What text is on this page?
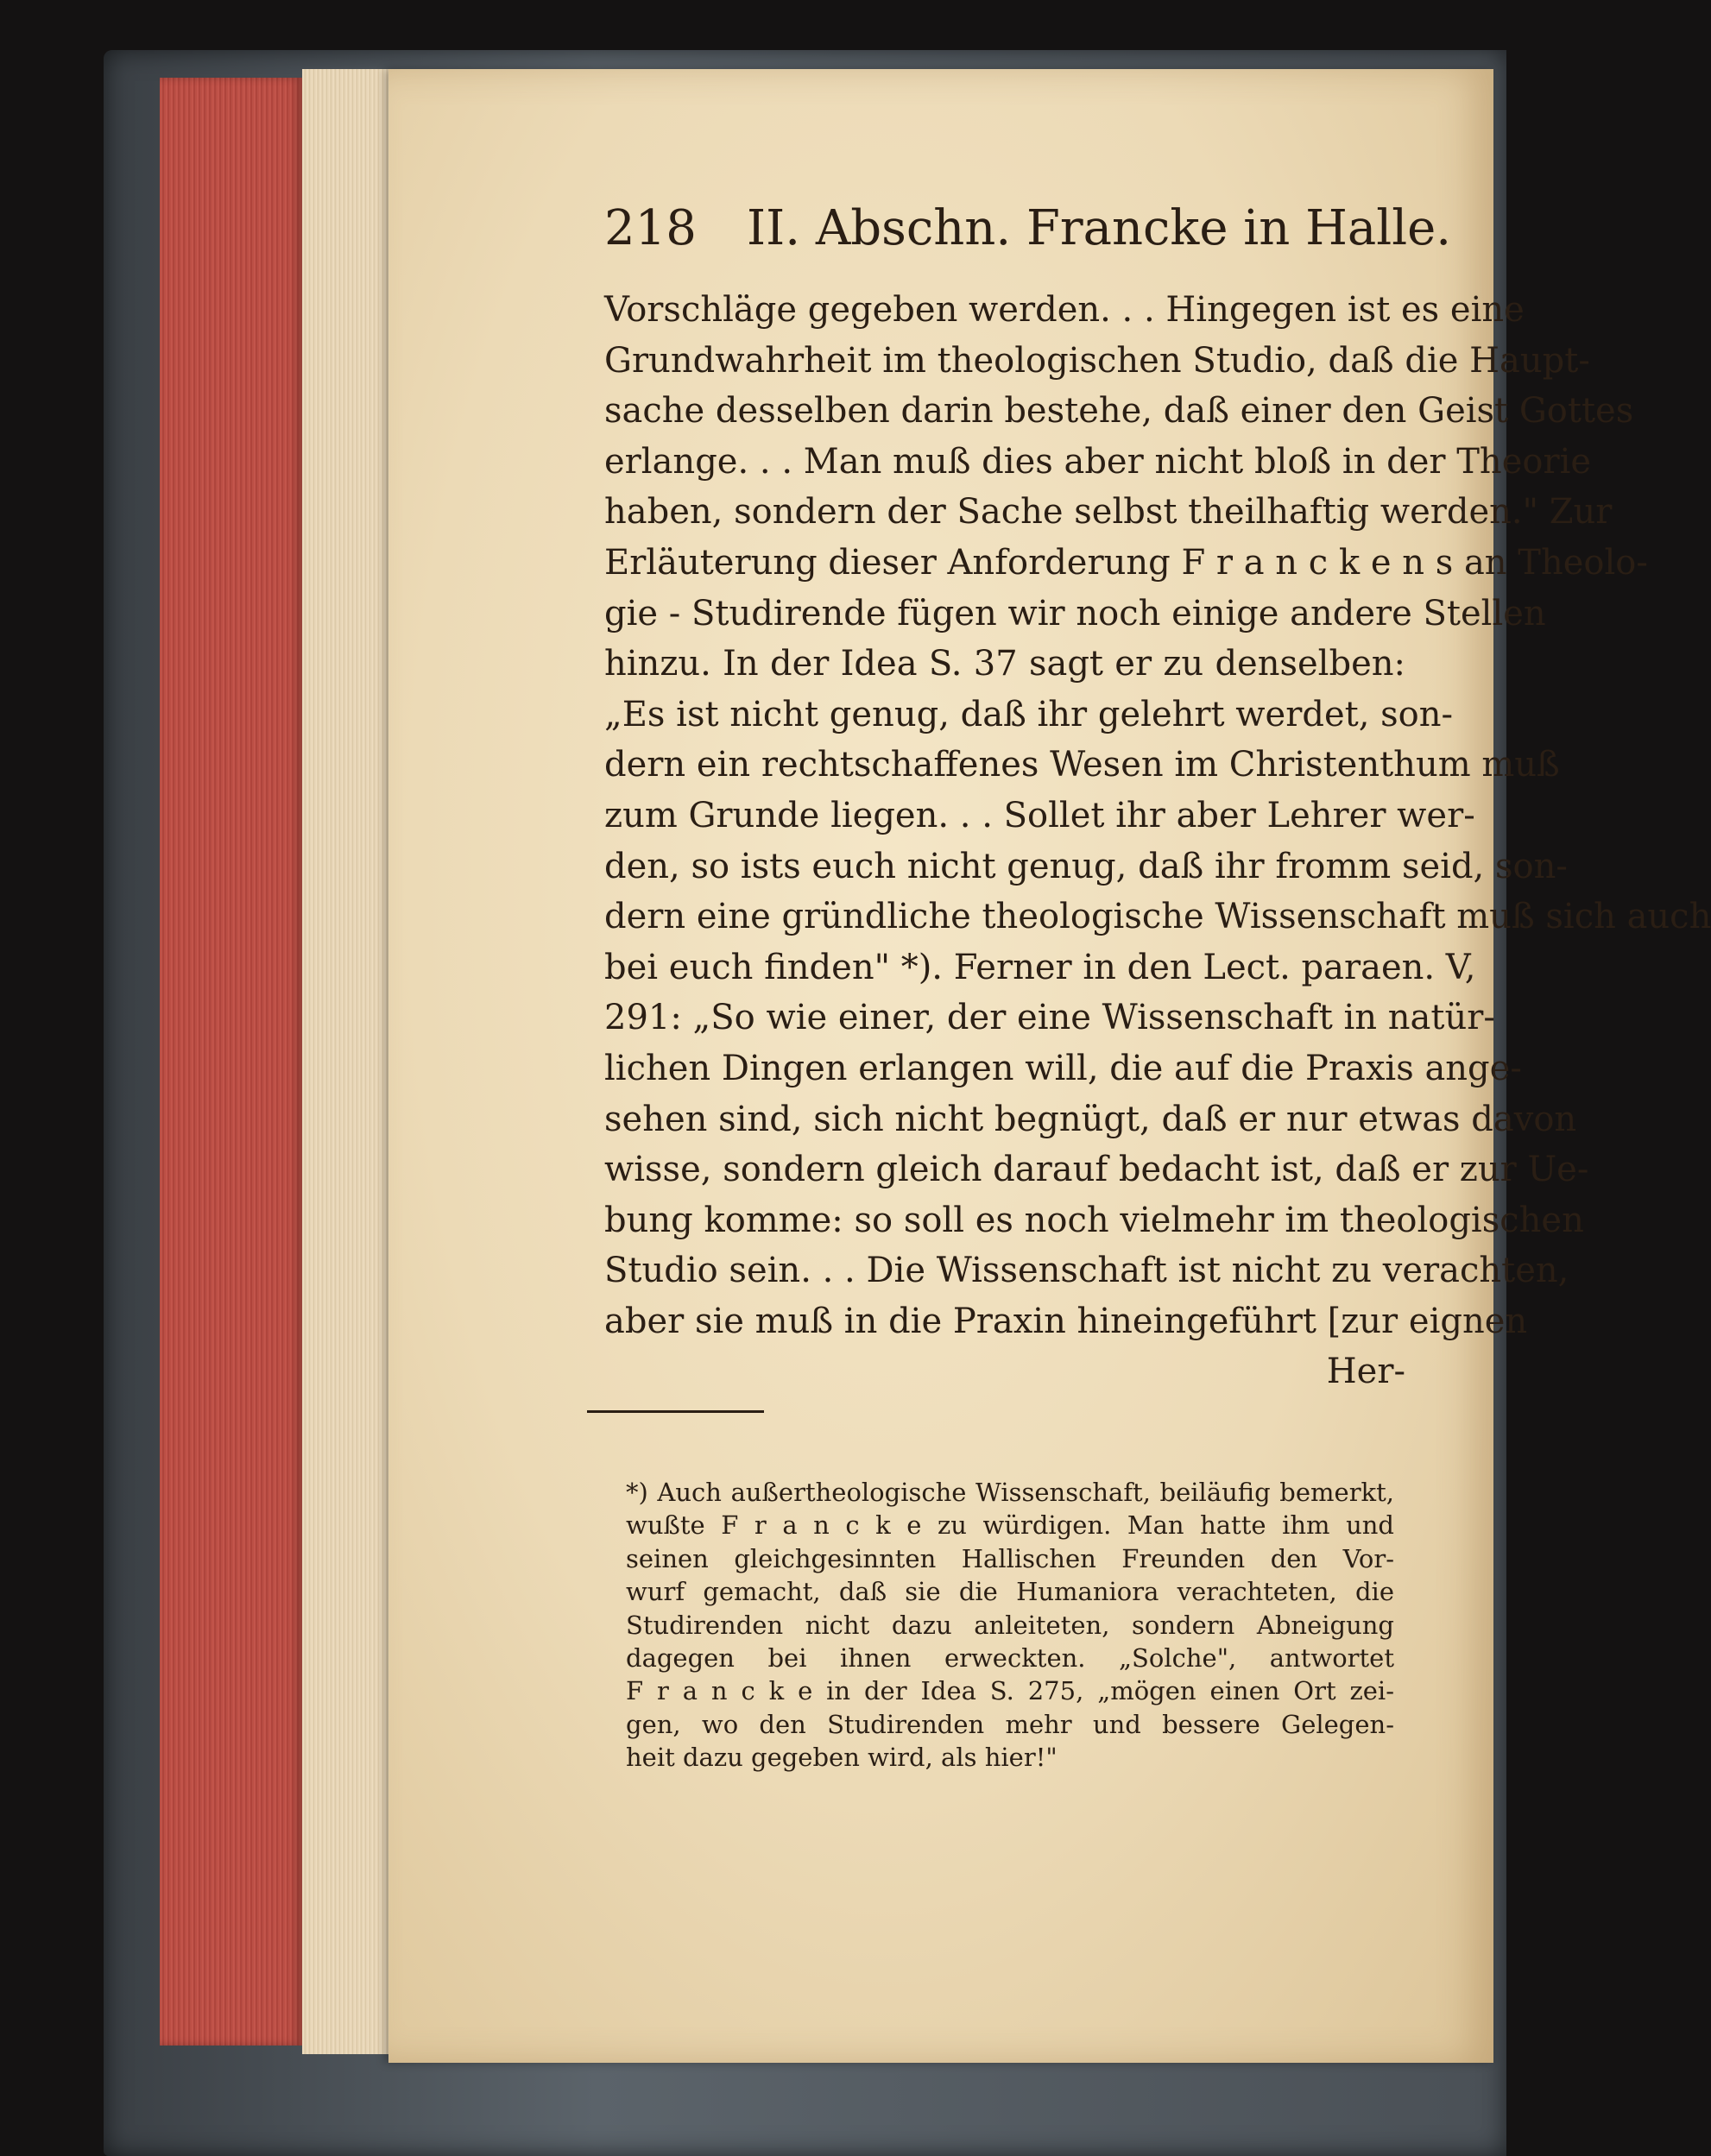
218 II. Abschn. Francke in Halle.
Vorschläge gegeben werden. . . Hingegen ist es eine
Grundwahrheit im theologischen Studio, daß die Haupt-
sache desselben darin bestehe, daß einer den Geist Gottes
erlange. . . Man muß dies aber nicht bloß in der Theorie
haben, sondern der Sache selbst theilhaftig werden." Zur
Erläuterung dieser Anforderung F r a n c k e n s an Theolo-
gie - Studirende fügen wir noch einige andere Stellen
hinzu. In der Idea S. 37 sagt er zu denselben:
„Es ist nicht genug, daß ihr gelehrt werdet, son-
dern ein rechtschaffenes Wesen im Christenthum muß
zum Grunde liegen. . . Sollet ihr aber Lehrer wer-
den, so ists euch nicht genug, daß ihr fromm seid, son-
dern eine gründliche theologische Wissenschaft muß sich auch
bei euch finden" *). Ferner in den Lect. paraen. V,
291: „So wie einer, der eine Wissenschaft in natür-
lichen Dingen erlangen will, die auf die Praxis ange-
sehen sind, sich nicht begnügt, daß er nur etwas davon
wisse, sondern gleich darauf bedacht ist, daß er zur Ue-
bung komme: so soll es noch vielmehr im theologischen
Studio sein. . . Die Wissenschaft ist nicht zu verachten,
aber sie muß in die Praxin hineingeführt [zur eignen
Her-
*) Auch außertheologische Wissenschaft, beiläufig bemerkt,
wußte F r a n c k e zu würdigen. Man hatte ihm und
seinen gleichgesinnten Hallischen Freunden den Vor-
wurf gemacht, daß sie die Humaniora verachteten, die
Studirenden nicht dazu anleiteten, sondern Abneigung
dagegen bei ihnen erweckten. „Solche", antwortet
F r a n c k e in der Idea S. 275, „mögen einen Ort zei-
gen, wo den Studirenden mehr und bessere Gelegen-
heit dazu gegeben wird, als hier!"
